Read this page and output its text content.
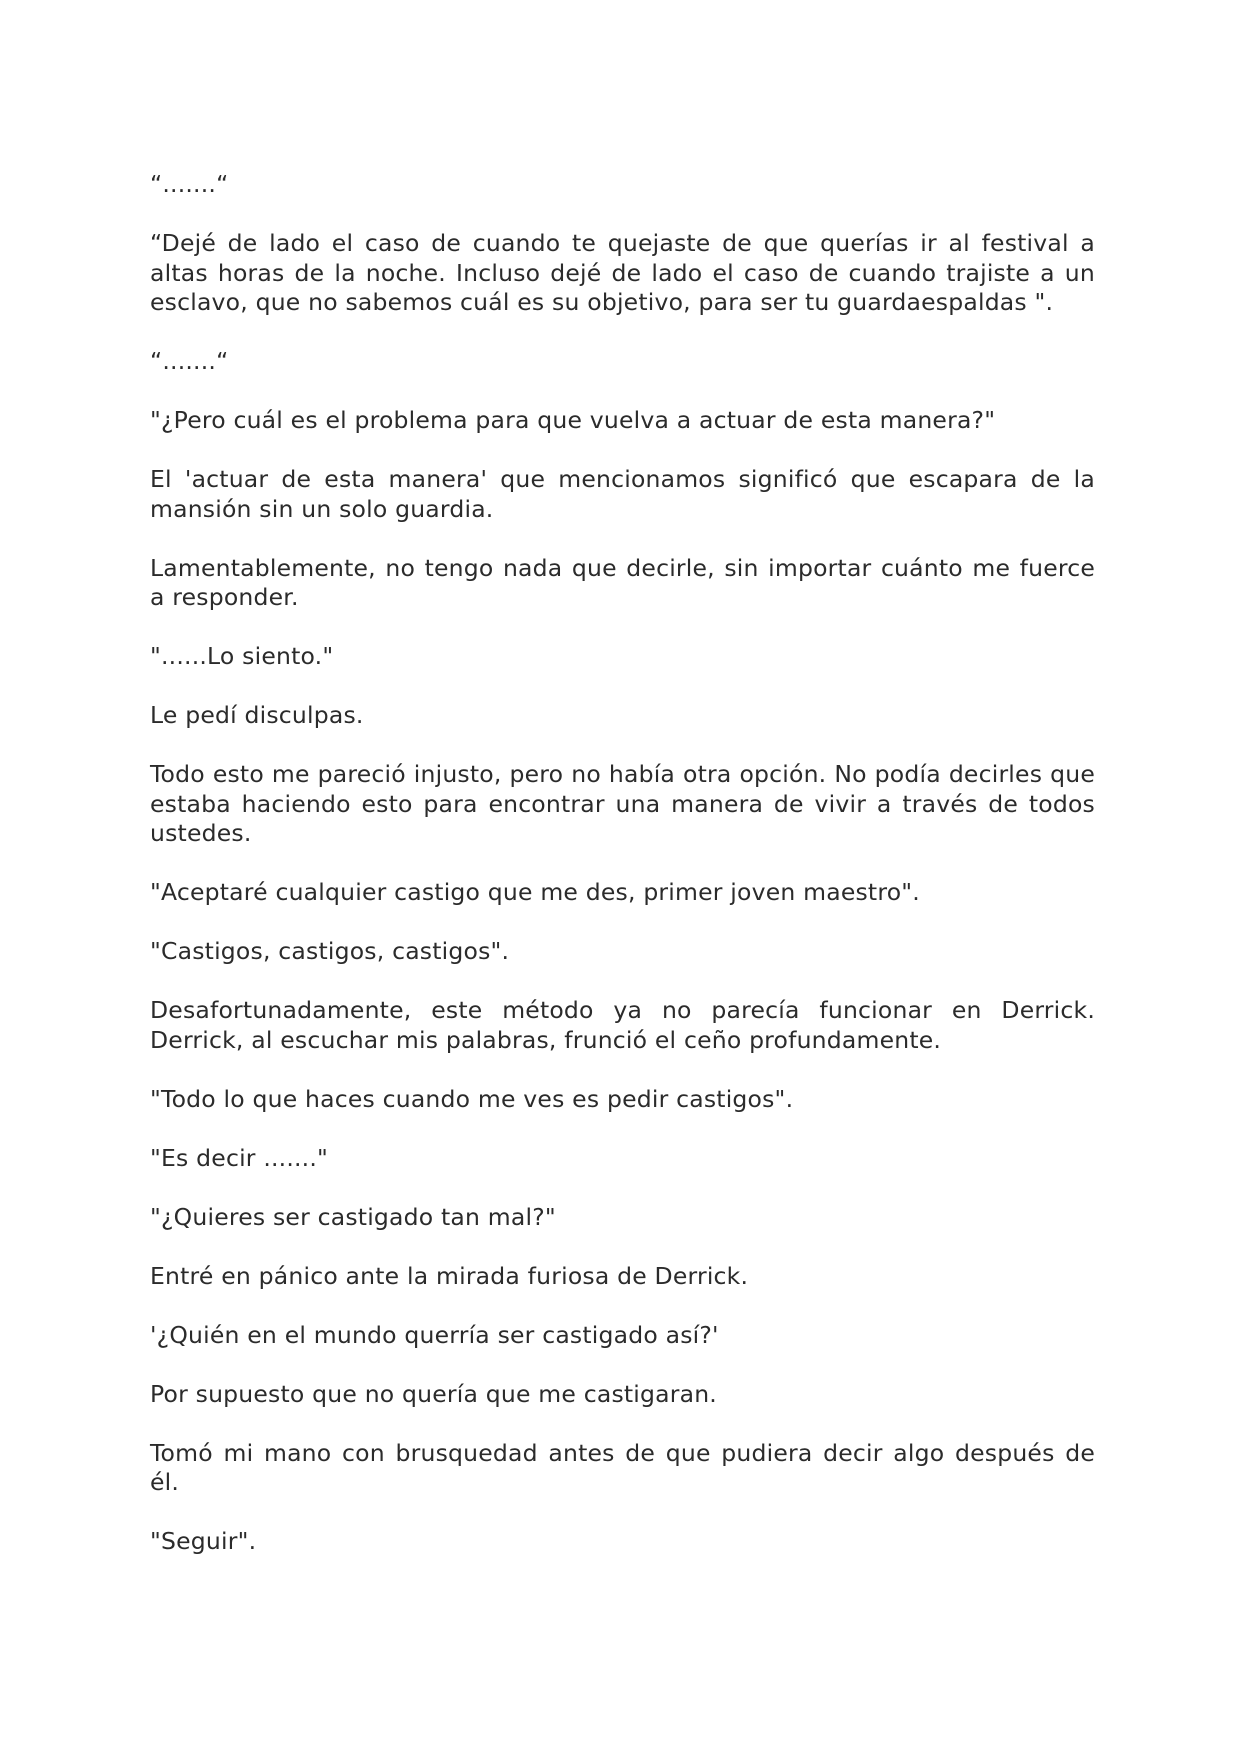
“.......“

“Dejé de lado el caso de cuando te quejaste de que querías ir al festival a altas horas de la noche. Incluso dejé de lado el caso de cuando trajiste a un esclavo, que no sabemos cuál es su objetivo, para ser tu guardaespaldas ".

“.......“

"¿Pero cuál es el problema para que vuelva a actuar de esta manera?"

El 'actuar de esta manera' que mencionamos significó que escapara de la mansión sin un solo guardia.

Lamentablemente, no tengo nada que decirle, sin importar cuánto me fuerce a responder.

"......Lo siento."

Le pedí disculpas.

Todo esto me pareció injusto, pero no había otra opción. No podía decirles que estaba haciendo esto para encontrar una manera de vivir a través de todos ustedes.

"Aceptaré cualquier castigo que me des, primer joven maestro".

"Castigos, castigos, castigos".

Desafortunadamente, este método ya no parecía funcionar en Derrick. Derrick, al escuchar mis palabras, frunció el ceño profundamente.

"Todo lo que haces cuando me ves es pedir castigos".

"Es decir ......."

"¿Quieres ser castigado tan mal?"

Entré en pánico ante la mirada furiosa de Derrick.

'¿Quién en el mundo querría ser castigado así?'

Por supuesto que no quería que me castigaran.

Tomó mi mano con brusquedad antes de que pudiera decir algo después de él.

"Seguir".
